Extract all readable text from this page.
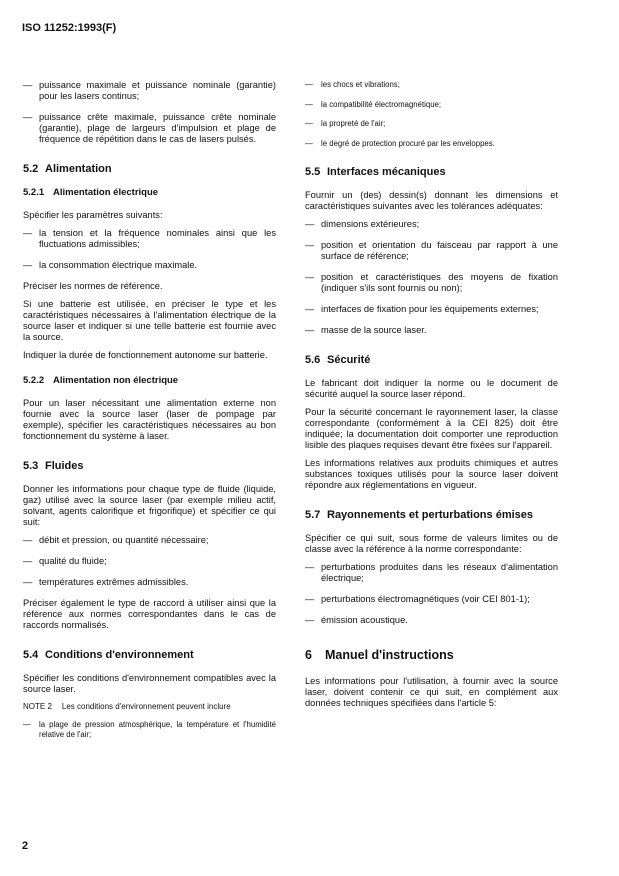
ISO 11252:1993(F)
— puissance maximale et puissance nominale (garantie) pour les lasers continus;
— puissance crête maximale, puissance crête nominale (garantie), plage de largeurs d'impulsion et plage de fréquence de répétition dans le cas de lasers pulsés.
5.2 Alimentation
5.2.1 Alimentation électrique

Spécifier les paramètres suivants:

— la tension et la fréquence nominales ainsi que les fluctuations admissibles;
— la consommation électrique maximale.

Préciser les normes de référence.

Si une batterie est utilisée, en préciser le type et les caractéristiques nécessaires à l'alimentation électrique de la source laser et indiquer si une telle batterie est fournie avec la source.

Indiquer la durée de fonctionnement autonome sur batterie.

5.2.2 Alimentation non électrique

Pour un laser nécessitant une alimentation externe non fournie avec la source laser (laser de pompage par exemple), spécifier les caractéristiques nécessaires au bon fonctionnement du système à laser.

5.3 Fluides

Donner les informations pour chaque type de fluide (liquide, gaz) utilisé avec la source laser (par exemple milieu actif, solvant, agents calorifique et frigorifique) et spécifier ce qui suit:

— débit et pression, ou quantité nécessaire;
— qualité du fluide;
— températures extrêmes admissibles.

Préciser également le type de raccord à utiliser ainsi que la référence aux normes correspondantes dans le cas de raccords normalisés.

5.4 Conditions d'environnement

Spécifier les conditions d'environnement compatibles avec la source laser.

NOTE 2 Les conditions d'environnement peuvent inclure
—	la plage de pression atmosphérique, la température et l'humidité relative de l'air;
—	les chocs et vibrations;
—	la compatibilité électromagnétique;
—	la propreté de l'air;
—	le degré de protection procuré par les enveloppes.
5.5 Interfaces mécaniques

Fournir un (des) dessin(s) donnant les dimensions et caractéristiques suivantes avec les tolérances adéquates:

— dimensions extérieures;
— position et orientation du faisceau par rapport à une surface de référence;
— position et caractéristiques des moyens de fixation (indiquer s'ils sont fournis ou non);
— interfaces de fixation pour les équipements externes;
— masse de la source laser.
5.6 Sécurité

Le fabricant doit indiquer la norme ou le document de sécurité auquel la source laser répond.

Pour la sécurité concernant le rayonnement laser, la classe correspondante (conformément à la CEI 825) doit être indiquée; la documentation doit comporter une reproduction lisible des plaques requises devant être fixées sur l'appareil.

Les informations relatives aux produits chimiques et autres substances toxiques utilisés pour la source laser doivent répondre aux réglementations en vigueur.

5.7 Rayonnements et perturbations émises

Spécifier ce qui suit, sous forme de valeurs limites ou de classe avec la référence à la norme correspondante:

— perturbations produites dans les réseaux d'alimentation électrique;
— perturbations électromagnétiques (voir CEI 801-1);
— émission acoustique.
6	Manuel d'instructions

Les informations pour l'utilisation, à fournir avec la source laser, doivent contenir ce qui suit, en complément aux données techniques spécifiées dans l'article 5:

2
